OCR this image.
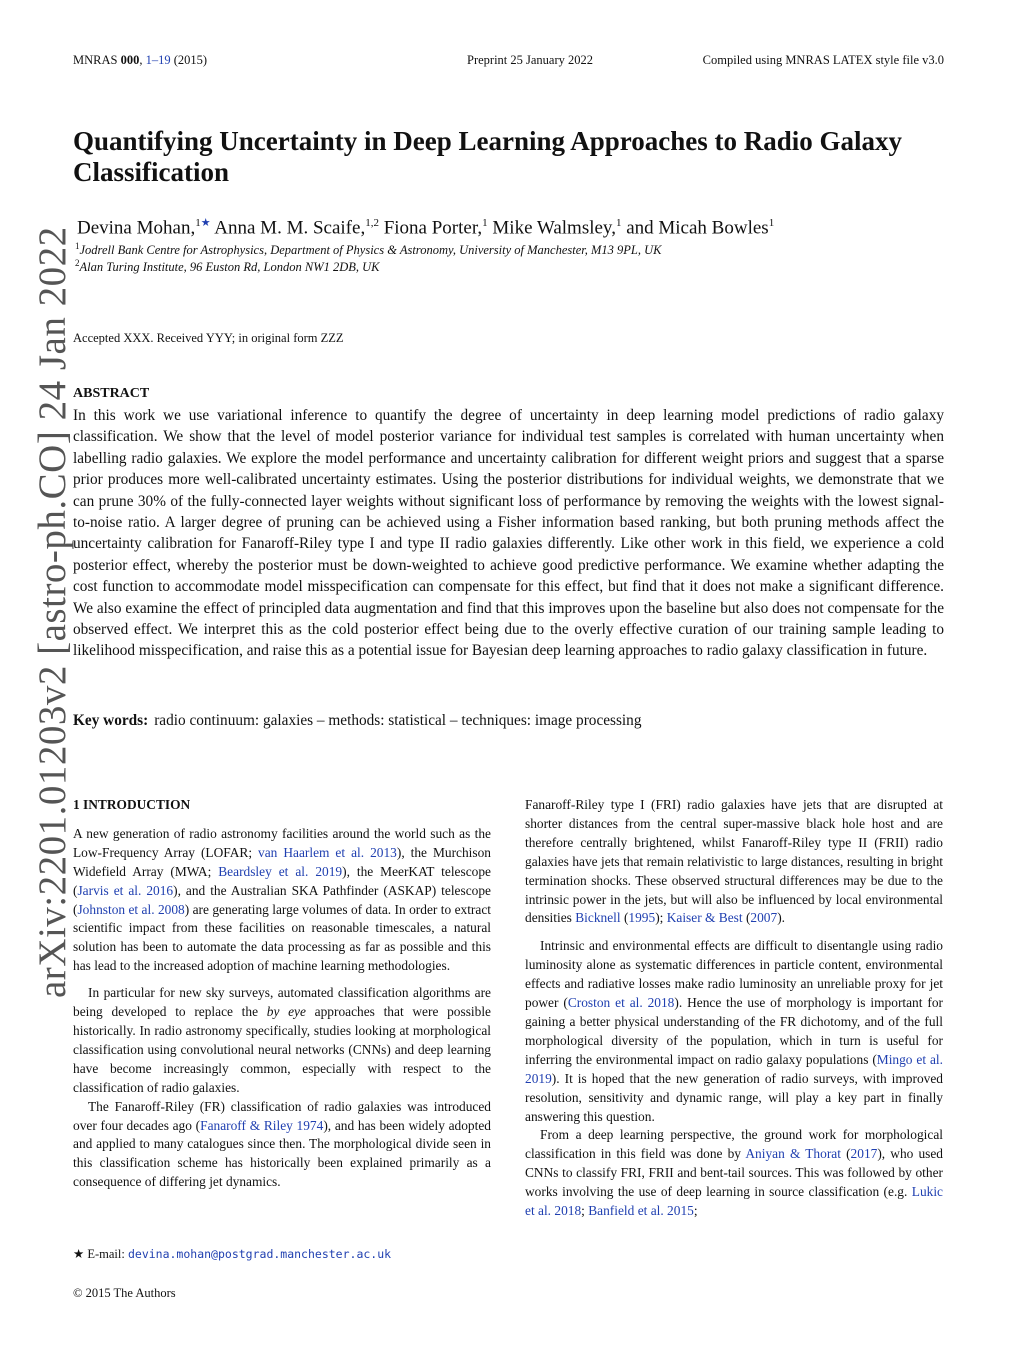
MNRAS 000, 1–19 (2015)	Preprint 25 January 2022	Compiled using MNRAS LATEX style file v3.0
arXiv:2201.01203v2 [astro-ph.CO] 24 Jan 2022
Quantifying Uncertainty in Deep Learning Approaches to Radio Galaxy Classification
Devina Mohan,$^{1★}$ Anna M. M. Scaife,$^{1,2}$ Fiona Porter,$^1$ Mike Walmsley,$^1$ and Micah Bowles$^1$
$^1$Jodrell Bank Centre for Astrophysics, Department of Physics & Astronomy, University of Manchester, M13 9PL, UK
$^2$Alan Turing Institute, 96 Euston Rd, London NW1 2DB, UK
Accepted XXX. Received YYY; in original form ZZZ
ABSTRACT

In this work we use variational inference to quantify the degree of uncertainty in deep learning model predictions of radio galaxy classification. We show that the level of model posterior variance for individual test samples is correlated with human uncertainty when labelling radio galaxies. We explore the model performance and uncertainty calibration for different weight priors and suggest that a sparse prior produces more well-calibrated uncertainty estimates. Using the posterior distributions for individual weights, we demonstrate that we can prune 30% of the fully-connected layer weights without significant loss of performance by removing the weights with the lowest signal-to-noise ratio. A larger degree of pruning can be achieved using a Fisher information based ranking, but both pruning methods affect the uncertainty calibration for Fanaroff-Riley type I and type II radio galaxies differently. Like other work in this field, we experience a cold posterior effect, whereby the posterior must be down-weighted to achieve good predictive performance. We examine whether adapting the cost function to accommodate model misspecification can compensate for this effect, but find that it does not make a significant difference. We also examine the effect of principled data augmentation and find that this improves upon the baseline but also does not compensate for the observed effect. We interpret this as the cold posterior effect being due to the overly effective curation of our training sample leading to likelihood misspecification, and raise this as a potential issue for Bayesian deep learning approaches to radio galaxy classification in future.

Key words: radio continuum: galaxies – methods: statistical – techniques: image processing
1 INTRODUCTION

A new generation of radio astronomy facilities around the world such as the Low-Frequency Array (LOFAR; van Haarlem et al. 2013), the Murchison Widefield Array (MWA; Beardsley et al. 2019), the MeerKAT telescope (Jarvis et al. 2016), and the Australian SKA Pathfinder (ASKAP) telescope (Johnston et al. 2008) are generating large volumes of data. In order to extract scientific impact from these facilities on reasonable timescales, a natural solution has been to automate the data processing as far as possible and this has lead to the increased adoption of machine learning methodologies.

In particular for new sky surveys, automated classification algorithms are being developed to replace the by eye approaches that were possible historically. In radio astronomy specifically, studies looking at morphological classification using convolutional neural networks (CNNs) and deep learning have become increasingly common, especially with respect to the classification of radio galaxies.

The Fanaroff-Riley (FR) classification of radio galaxies was introduced over four decades ago (Fanaroff & Riley 1974), and has been widely adopted and applied to many catalogues since then. The morphological divide seen in this classification scheme has historically been explained primarily as a consequence of differing jet dynamics.

Fanaroff-Riley type I (FRI) radio galaxies have jets that are disrupted at shorter distances from the central super-massive black hole host and are therefore centrally brightened, whilst Fanaroff-Riley type II (FRII) radio galaxies have jets that remain relativistic to large distances, resulting in bright termination shocks. These observed structural differences may be due to the intrinsic power in the jets, but will also be influenced by local environmental densities Bicknell (1995); Kaiser & Best (2007).

Intrinsic and environmental effects are difficult to disentangle using radio luminosity alone as systematic differences in particle content, environmental effects and radiative losses make radio luminosity an unreliable proxy for jet power (Croston et al. 2018). Hence the use of morphology is important for gaining a better physical understanding of the FR dichotomy, and of the full morphological diversity of the population, which in turn is useful for inferring the environmental impact on radio galaxy populations (Mingo et al. 2019). It is hoped that the new generation of radio surveys, with improved resolution, sensitivity and dynamic range, will play a key part in finally answering this question.

From a deep learning perspective, the ground work for morphological classification in this field was done by Aniyan & Thorat (2017), who used CNNs to classify FRI, FRII and bent-tail sources. This was followed by other works involving the use of deep learning in source classification (e.g. Lukic et al. 2018; Banfield et al. 2015;

★ E-mail: devina.mohan@postgrad.manchester.ac.uk
© 2015 The Authors
